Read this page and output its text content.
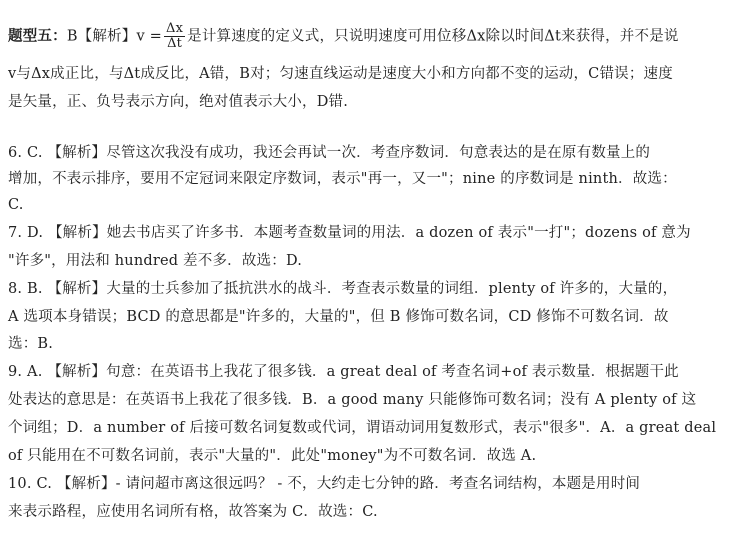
题型五：B【解析】$v = \frac{\Delta x}{\Delta t}$ 是计算速度的定义式，只说明速度可用位移Δx除以时间Δt来获得，并不是说
v与Δx成正比，与Δt成反比，A错，B对；匀速直线运动是速度大小和方向都不变的运动，C错误；速度
是矢量，正、负号表示方向，绝对值表示大小，D错.
6. C. 【解析】尽管这次我没有成功，我还会再试一次．考查序数词．句意表达的是在原有数量上的
增加，不表示排序，要用不定冠词来限定序数词，表示"再一，又一"；nine 的序数词是 ninth．故选：
C.
7. D. 【解析】她去书店买了许多书．本题考查数量词的用法．a dozen of 表示"一打"；dozens of 意为
"许多"，用法和 hundred 差不多．故选：D.
8. B. 【解析】大量的士兵参加了抵抗洪水的战斗．考查表示数量的词组．plenty of 许多的，大量的，
A 选项本身错误；BCD 的意思都是"许多的，大量的"，但 B 修饰可数名词，CD 修饰不可数名词．故
选：B.
9. A. 【解析】句意：在英语书上我花了很多钱．a great deal of 考查名词+of 表示数量．根据题干此
处表达的意思是：在英语书上我花了很多钱．B．a good many 只能修饰可数名词；没有 A plenty of 这
个词组；D．a number of 后接可数名词复数或代词，谓语动词用复数形式，表示"很多"．A．a great deal
of 只能用在不可数名词前，表示"大量的"．此处"money"为不可数名词．故选 A.
10. C. 【解析】- 请问超市离这很远吗？ - 不，大约走七分钟的路．考查名词结构，本题是用时间
来表示路程，应使用名词所有格，故答案为 C．故选：C.
